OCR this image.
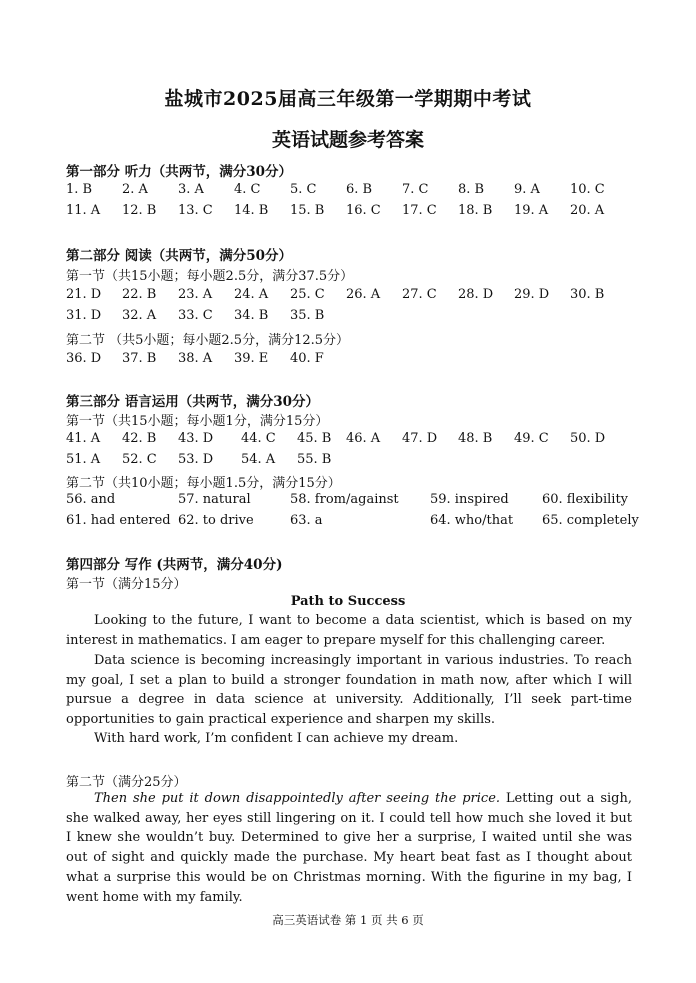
盐城市2025届高三年级第一学期期中考试
英语试题参考答案
第一部分 听力（共两节，满分30分）
1. B 2. A 3. A 4. C 5. C 6. B 7. C 8. B 9. A 10. C
11. A 12. B 13. C 14. B 15. B 16. C 17. C 18. B 19. A 20. A
第二部分 阅读（共两节，满分50分）
第一节（共15小题；每小题2.5分，满分37.5分）
21. D 22. B 23. A 24. A 25. C 26. A 27. C 28. D 29. D 30. B
31. D 32. A 33. C 34. B 35. B
第二节 （共5小题；每小题2.5分，满分12.5分）
36. D 37. B 38. A 39. E 40. F
第三部分 语言运用（共两节，满分30分）
第一节（共15小题；每小题1分，满分15分）
41. A 42. B 43. D 44. C 45. B 46. A 47. D 48. B 49. C 50. D
51. A 52. C 53. D 54. A 55. B
第二节（共10小题；每小题1.5分，满分15分）
56. and	57. natural	58. from/against 59. inspired	60. flexibility
61. had entered 62. to drive	63. a	64. who/that 65. completely
第四部分 写作 (共两节，满分40分)
第一节（满分15分）
Path to Success
Looking to the future, I want to become a data scientist, which is based on my interest in mathematics. I am eager to prepare myself for this challenging career.
Data science is becoming increasingly important in various industries. To reach my goal, I set a plan to build a stronger foundation in math now, after which I will pursue a degree in data science at university. Additionally, I’ll seek part-time opportunities to gain practical experience and sharpen my skills.
With hard work, I’m confident I can achieve my dream.
第二节（满分25分）
Then she put it down disappointedly after seeing the price. Letting out a sigh, she walked away, her eyes still lingering on it. I could tell how much she loved it but I knew she wouldn’t buy. Determined to give her a surprise, I waited until she was out of sight and quickly made the purchase. My heart beat fast as I thought about what a surprise this would be on Christmas morning. With the figurine in my bag, I went home with my family.
高三英语试卷 第 1 页 共 6 页
